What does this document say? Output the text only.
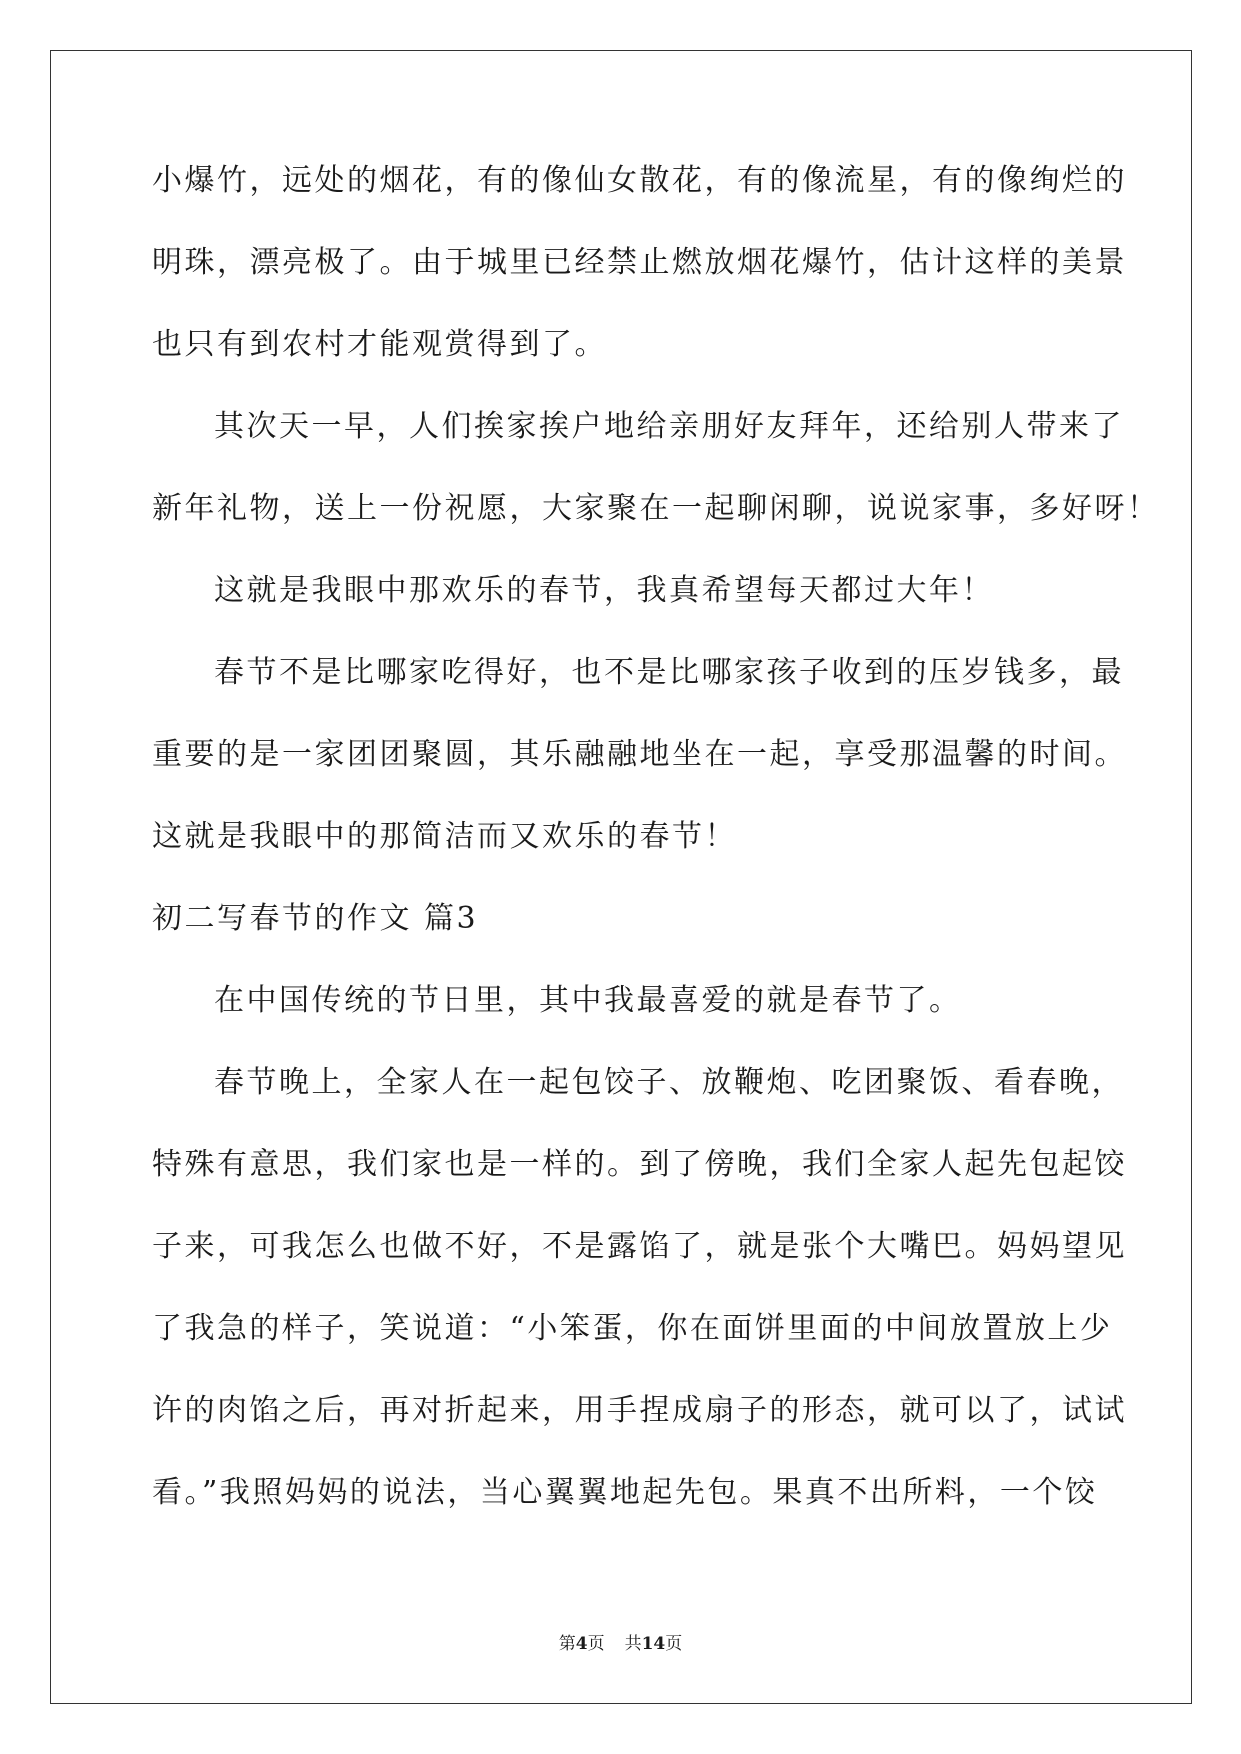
小爆竹，远处的烟花，有的像仙女散花，有的像流星，有的像绚烂的
明珠，漂亮极了。由于城里已经禁止燃放烟花爆竹，估计这样的美景
也只有到农村才能观赏得到了。
其次天一早，人们挨家挨户地给亲朋好友拜年，还给别人带来了
新年礼物，送上一份祝愿，大家聚在一起聊闲聊，说说家事，多好呀！
这就是我眼中那欢乐的春节，我真希望每天都过大年！
春节不是比哪家吃得好，也不是比哪家孩子收到的压岁钱多，最
重要的是一家团团聚圆，其乐融融地坐在一起，享受那温馨的时间。
这就是我眼中的那简洁而又欢乐的春节！
初二写春节的作文 篇3
在中国传统的节日里，其中我最喜爱的就是春节了。
春节晚上，全家人在一起包饺子、放鞭炮、吃团聚饭、看春晚，
特殊有意思，我们家也是一样的。到了傍晚，我们全家人起先包起饺
子来，可我怎么也做不好，不是露馅了，就是张个大嘴巴。妈妈望见
了我急的样子，笑说道：“小笨蛋，你在面饼里面的中间放置放上少
许的肉馅之后，再对折起来，用手捏成扇子的形态，就可以了，试试
看。”我照妈妈的说法，当心翼翼地起先包。果真不出所料，一个饺
第4页 共14页
